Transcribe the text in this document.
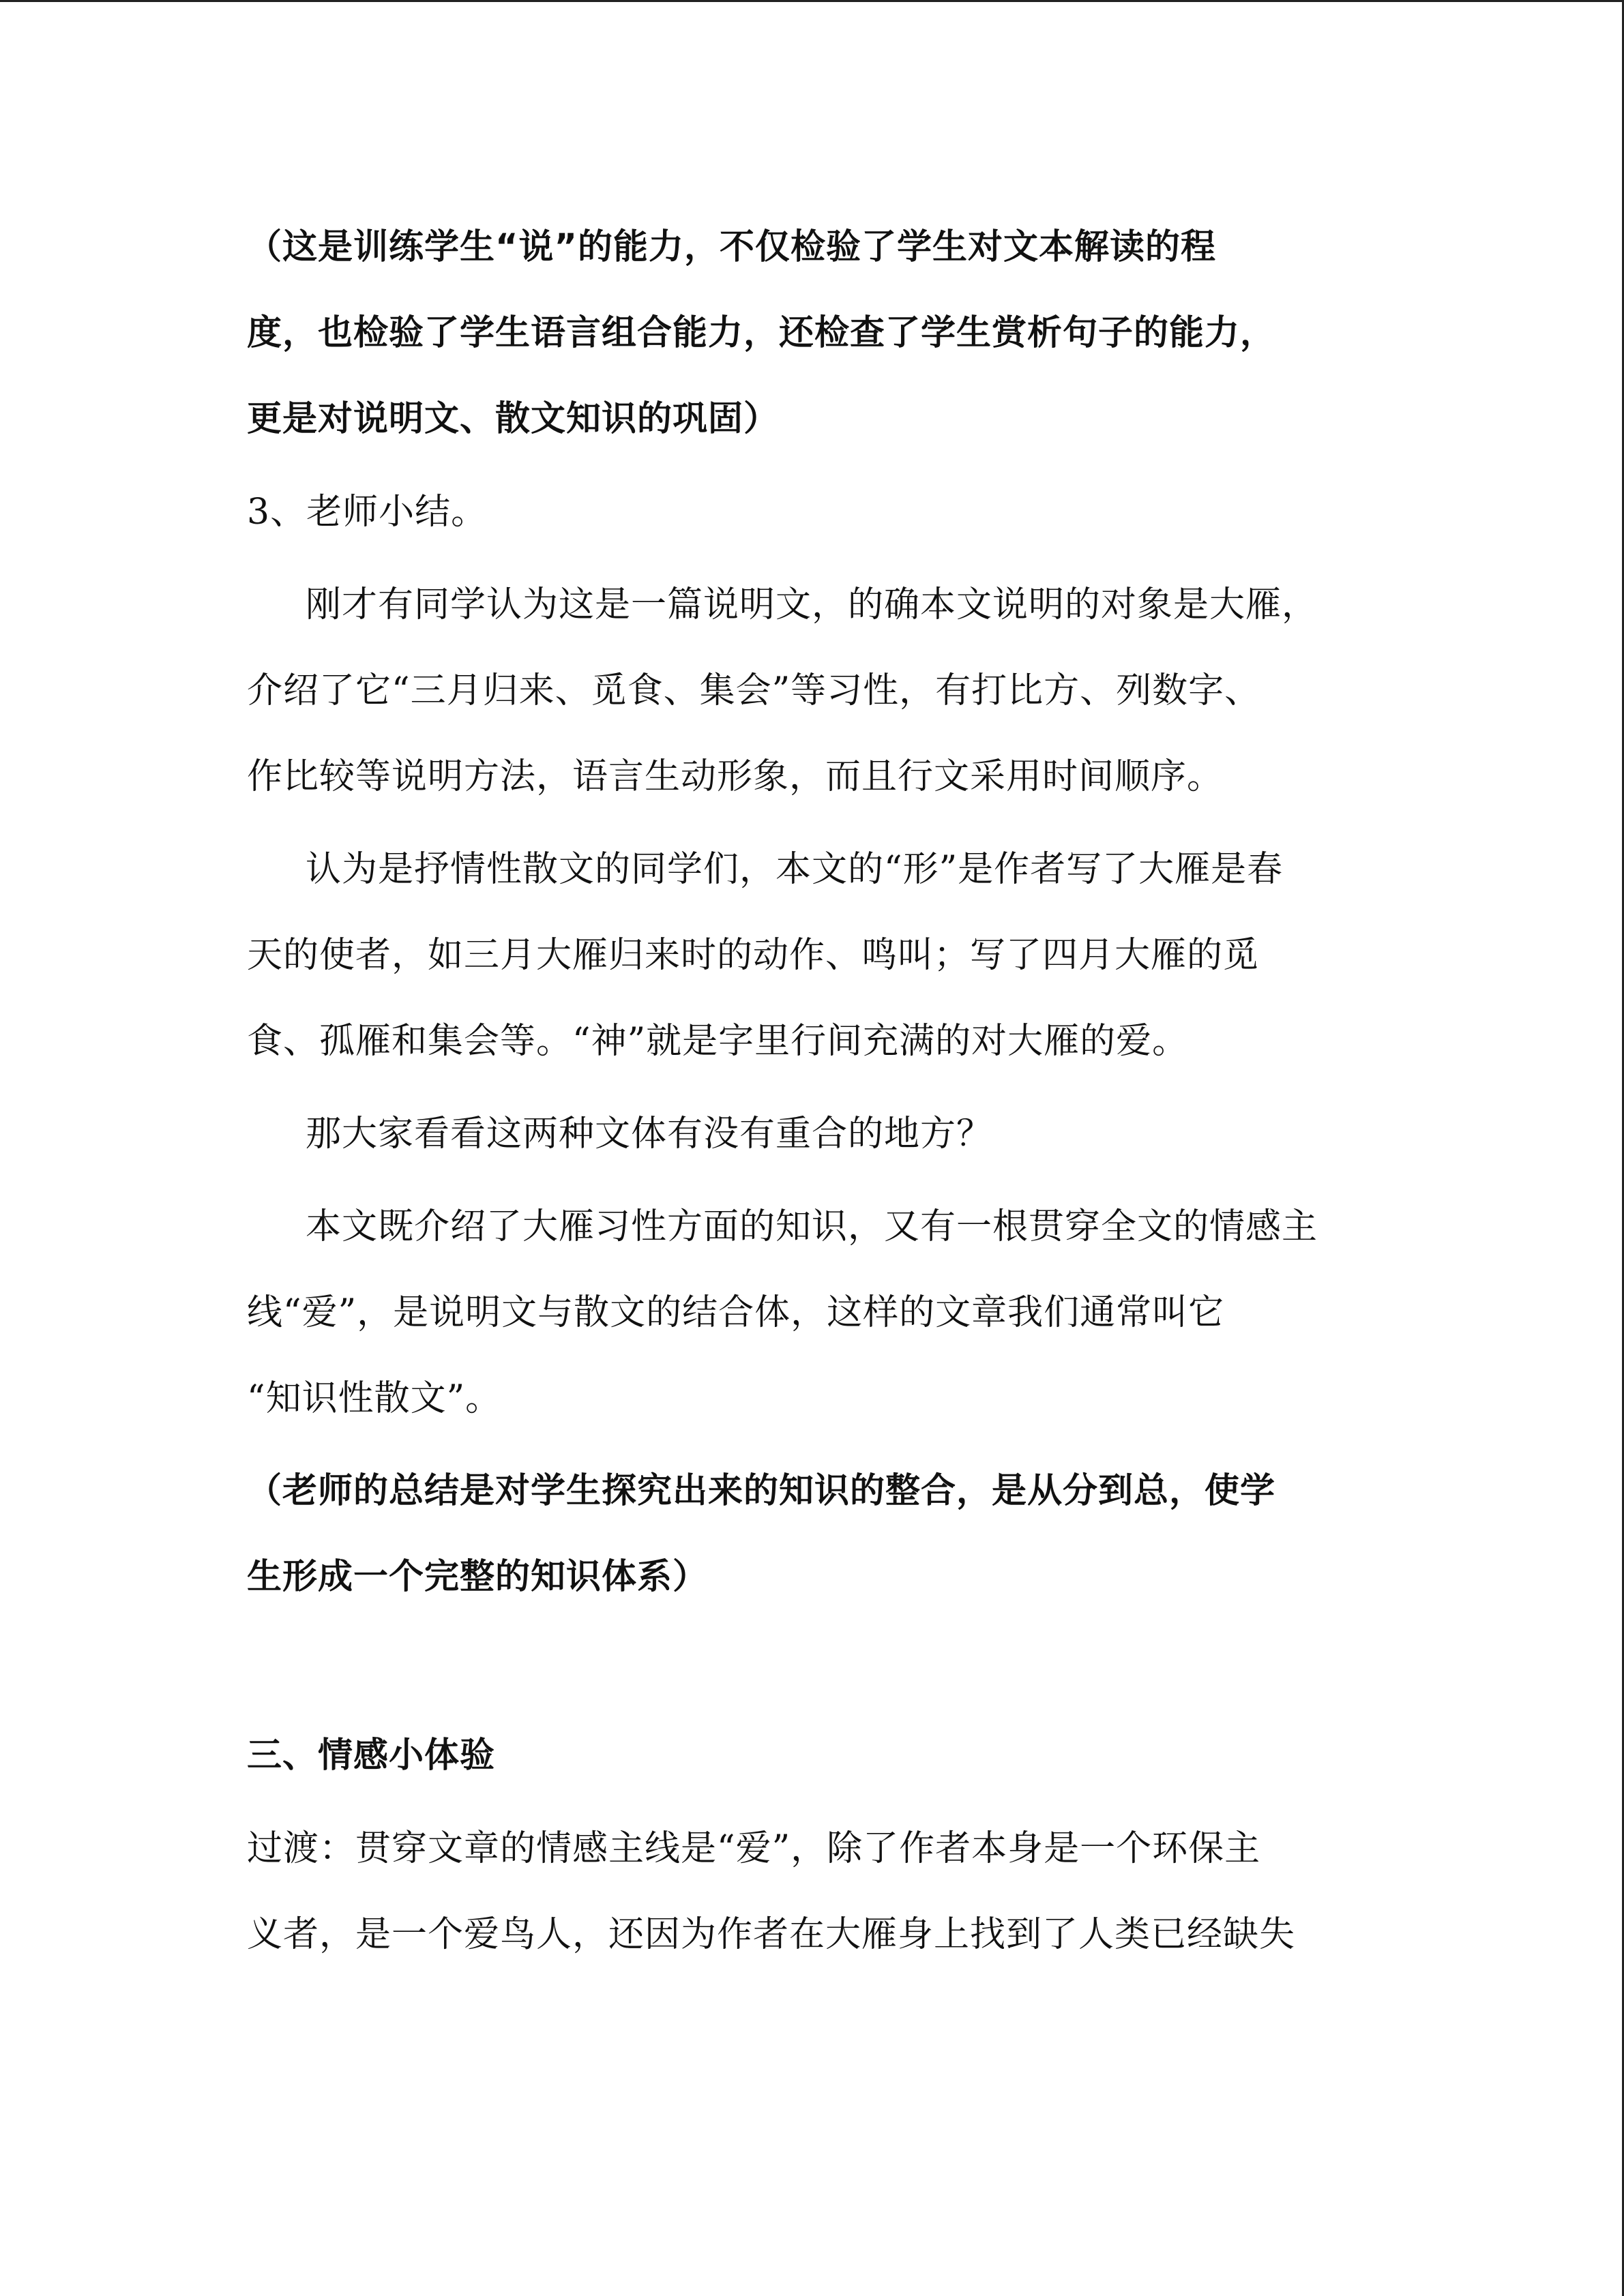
（这是训练学生“说”的能力，不仅检验了学生对文本解读的程
度，也检验了学生语言组合能力，还检查了学生赏析句子的能力，
更是对说明文、散文知识的巩固）

3、老师小结。

刚才有同学认为这是一篇说明文，的确本文说明的对象是大雁，
介绍了它“三月归来、觅食、集会”等习性，有打比方、列数字、
作比较等说明方法，语言生动形象，而且行文采用时间顺序。

认为是抒情性散文的同学们，本文的“形”是作者写了大雁是春
天的使者，如三月大雁归来时的动作、鸣叫；写了四月大雁的觅
食、孤雁和集会等。“神”就是字里行间充满的对大雁的爱。

那大家看看这两种文体有没有重合的地方？

本文既介绍了大雁习性方面的知识，又有一根贯穿全文的情感主
线“爱”，是说明文与散文的结合体，这样的文章我们通常叫它
“知识性散文”。

（老师的总结是对学生探究出来的知识的整合，是从分到总，使学
生形成一个完整的知识体系）

三、情感小体验

过渡：贯穿文章的情感主线是“爱”，除了作者本身是一个环保主
义者，是一个爱鸟人，还因为作者在大雁身上找到了人类已经缺失
